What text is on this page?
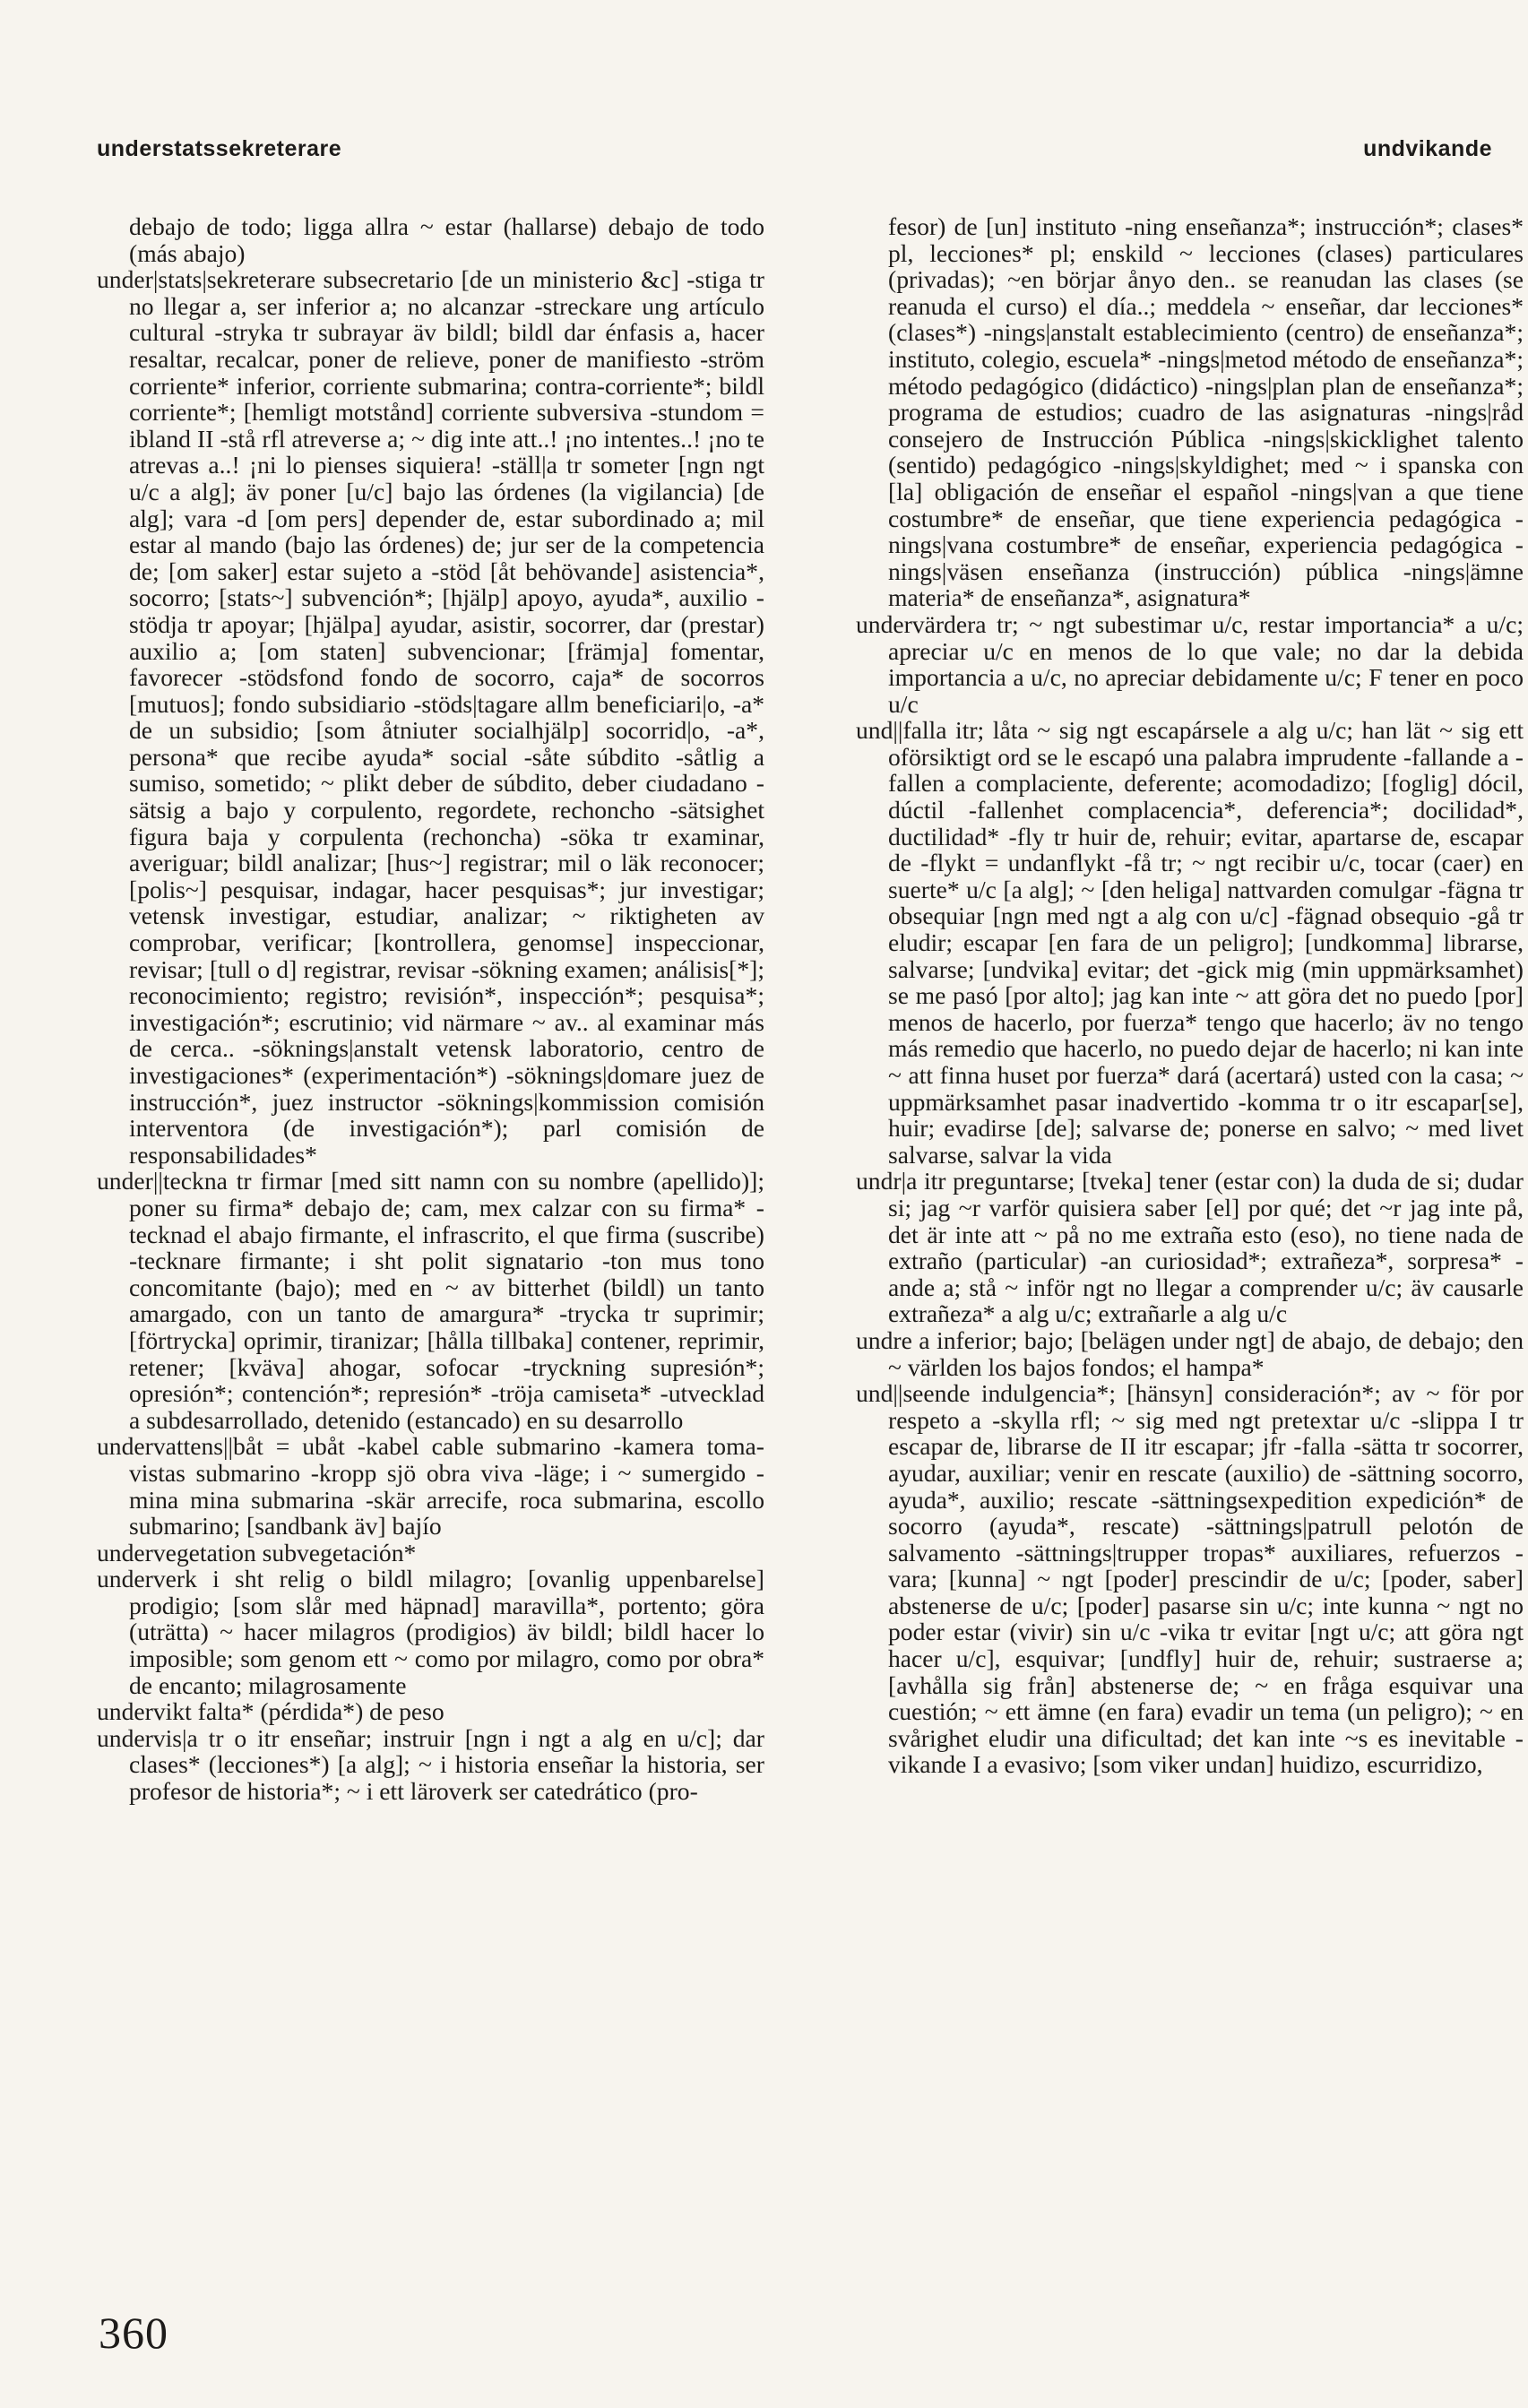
understatssekreterare	undvikande

debajo de todo; ligga allra ~ estar (hallarse) debajo de todo (más abajo)

under|stats|sekreterare subsecretario [de un ministerio &c] -stiga tr no llegar a, ser inferior a; no alcanzar -streckare ung artículo cultural -stryka tr subrayar äv bildl; bildl dar énfasis a, hacer resaltar, recalcar, poner de relieve, poner de manifiesto -ström corriente* inferior, corriente submarina; contra-corriente*; bildl corriente*; [hemligt motstånd] corriente subversiva -stundom = ibland II -stå rfl atreverse a; ~ dig inte att..! ¡no intentes..! ¡no te atrevas a..! ¡ni lo pienses siquiera! -ställ|a tr someter [ngn ngt u/c a alg]; äv poner [u/c] bajo las órdenes (la vigilancia) [de alg]; vara -d [om pers] depender de, estar subordinado a; mil estar al mando (bajo las órdenes) de; jur ser de la competencia de; [om saker] estar sujeto a -stöd [åt behövande] asistencia*, socorro; [stats~] subvención*; [hjälp] apoyo, ayuda*, auxilio -stödja tr apoyar; [hjälpa] ayudar, asistir, socorrer, dar (prestar) auxilio a; [om staten] subvencionar; [främja] fomentar, favorecer -stödsfond fondo de socorro, caja* de socorros [mutuos]; fondo subsidiario -stöds|tagare allm beneficiari|o, -a* de un subsidio; [som åtniuter socialhjälp] socorrid|o, -a*, persona* que recibe ayuda* social -såte súbdito -såtlig a sumiso, sometido; ~ plikt deber de súbdito, deber ciudadano -sätsig a bajo y corpulento, regordete, rechoncho -sätsighet figura baja y corpulenta (rechoncha) -söka tr examinar, averiguar; bildl analizar; [hus~] registrar; mil o läk reconocer; [polis~] pesquisar, indagar, hacer pesquisas*; jur investigar; vetensk investigar, estudiar, analizar; ~ riktigheten av comprobar, verificar; [kontrollera, genomse] inspeccionar, revisar; [tull o d] registrar, revisar -sökning examen; análisis[*]; reconocimiento; registro; revisión*, inspección*; pesquisa*; investigación*; escrutinio; vid närmare ~ av.. al examinar más de cerca.. -söknings|anstalt vetensk laboratorio, centro de investigaciones* (experimentación*) -söknings|domare juez de instrucción*, juez instructor -söknings|kommission comisión interventora (de investigación*); parl comisión de responsabilidades*

under||teckna tr firmar [med sitt namn con su nombre (apellido)]; poner su firma* debajo de; cam, mex calzar con su firma* -tecknad el abajo firmante, el infrascrito, el que firma (suscribe) -tecknare firmante; i sht polit signatario -ton mus tono concomitante (bajo); med en ~ av bitterhet (bildl) un tanto amargado, con un tanto de amargura* -trycka tr suprimir; [förtrycka] oprimir, tiranizar; [hålla tillbaka] contener, reprimir, retener; [kväva] ahogar, sofocar -tryckning supresión*; opresión*; contención*; represión* -tröja camiseta* -utvecklad a subdesarrollado, detenido (estancado) en su desarrollo

undervattens||båt = ubåt -kabel cable submarino -kamera toma-vistas submarino -kropp sjö obra viva -läge; i ~ sumergido -mina mina submarina -skär arrecife, roca submarina, escollo submarino; [sandbank äv] bajío

undervegetation subvegetación*

underverk i sht relig o bildl milagro; [ovanlig uppenbarelse] prodigio; [som slår med häpnad] maravilla*, portento; göra (uträtta) ~ hacer milagros (prodigios) äv bildl; bildl hacer lo imposible; som genom ett ~ como por milagro, como por obra* de encanto; milagrosamente

undervikt falta* (pérdida*) de peso

undervis|a tr o itr enseñar; instruir [ngn i ngt a alg en u/c]; dar clases* (lecciones*) [a alg]; ~ i historia enseñar la historia, ser profesor de historia*; ~ i ett läroverk ser catedrático (pro-

fesor) de [un] instituto -ning enseñanza*; instrucción*; clases* pl, lecciones* pl; enskild ~ lecciones (clases) particulares (privadas); ~en börjar ånyo den.. se reanudan las clases (se reanuda el curso) el día..; meddela ~ enseñar, dar lecciones* (clases*) -nings|anstalt establecimiento (centro) de enseñanza*; instituto, colegio, escuela* -nings|metod método de enseñanza*; método pedagógico (didáctico) -nings|plan plan de enseñanza*; programa de estudios; cuadro de las asignaturas -nings|råd consejero de Instrucción Pública -nings|skicklighet talento (sentido) pedagógico -nings|skyldighet; med ~ i spanska con [la] obligación de enseñar el español -nings|van a que tiene costumbre* de enseñar, que tiene experiencia pedagógica -nings|vana costumbre* de enseñar, experiencia pedagógica -nings|väsen enseñanza (instrucción) pública -nings|ämne materia* de enseñanza*, asignatura*

undervärdera tr; ~ ngt subestimar u/c, restar importancia* a u/c; apreciar u/c en menos de lo que vale; no dar la debida importancia a u/c, no apreciar debidamente u/c; F tener en poco u/c

und||falla itr; låta ~ sig ngt escapársele a alg u/c; han lät ~ sig ett oförsiktigt ord se le escapó una palabra imprudente -fallande a -fallen a complaciente, deferente; acomodadizo; [foglig] dócil, dúctil -fallenhet complacencia*, deferencia*; docilidad*, ductilidad* -fly tr huir de, rehuir; evitar, apartarse de, escapar de -flykt = undanflykt -få tr; ~ ngt recibir u/c, tocar (caer) en suerte* u/c [a alg]; ~ [den heliga] nattvarden comulgar -fägna tr obsequiar [ngn med ngt a alg con u/c] -fägnad obsequio -gå tr eludir; escapar [en fara de un peligro]; [undkomma] librarse, salvarse; [undvika] evitar; det -gick mig (min uppmärksamhet) se me pasó [por alto]; jag kan inte ~ att göra det no puedo [por] menos de hacerlo, por fuerza* tengo que hacerlo; äv no tengo más remedio que hacerlo, no puedo dejar de hacerlo; ni kan inte ~ att finna huset por fuerza* dará (acertará) usted con la casa; ~ uppmärksamhet pasar inadvertido -komma tr o itr escapar[se], huir; evadirse [de]; salvarse de; ponerse en salvo; ~ med livet salvarse, salvar la vida

undr|a itr preguntarse; [tveka] tener (estar con) la duda de si; dudar si; jag ~r varför quisiera saber [el] por qué; det ~r jag inte på, det är inte att ~ på no me extraña esto (eso), no tiene nada de extraño (particular) -an curiosidad*; extrañeza*, sorpresa* -ande a; stå ~ inför ngt no llegar a comprender u/c; äv causarle extrañeza* a alg u/c; extrañarle a alg u/c

undre a inferior; bajo; [belägen under ngt] de abajo, de debajo; den ~ världen los bajos fondos; el hampa*

und||seende indulgencia*; [hänsyn] consideración*; av ~ för por respeto a -skylla rfl; ~ sig med ngt pretextar u/c -slippa I tr escapar de, librarse de II itr escapar; jfr -falla -sätta tr socorrer, ayudar, auxiliar; venir en rescate (auxilio) de -sättning socorro, ayuda*, auxilio; rescate -sättningsexpedition expedición* de socorro (ayuda*, rescate) -sättnings|patrull pelotón de salvamento -sättnings|trupper tropas* auxiliares, refuerzos -vara; [kunna] ~ ngt [poder] prescindir de u/c; [poder, saber] abstenerse de u/c; [poder] pasarse sin u/c; inte kunna ~ ngt no poder estar (vivir) sin u/c -vika tr evitar [ngt u/c; att göra ngt hacer u/c], esquivar; [undfly] huir de, rehuir; sustraerse a; [avhålla sig från] abstenerse de; ~ en fråga esquivar una cuestión; ~ ett ämne (en fara) evadir un tema (un peligro); ~ en svårighet eludir una dificultad; det kan inte ~s es inevitable -vikande I a evasivo; [som viker undan] huidizo, escurridizo,

360
